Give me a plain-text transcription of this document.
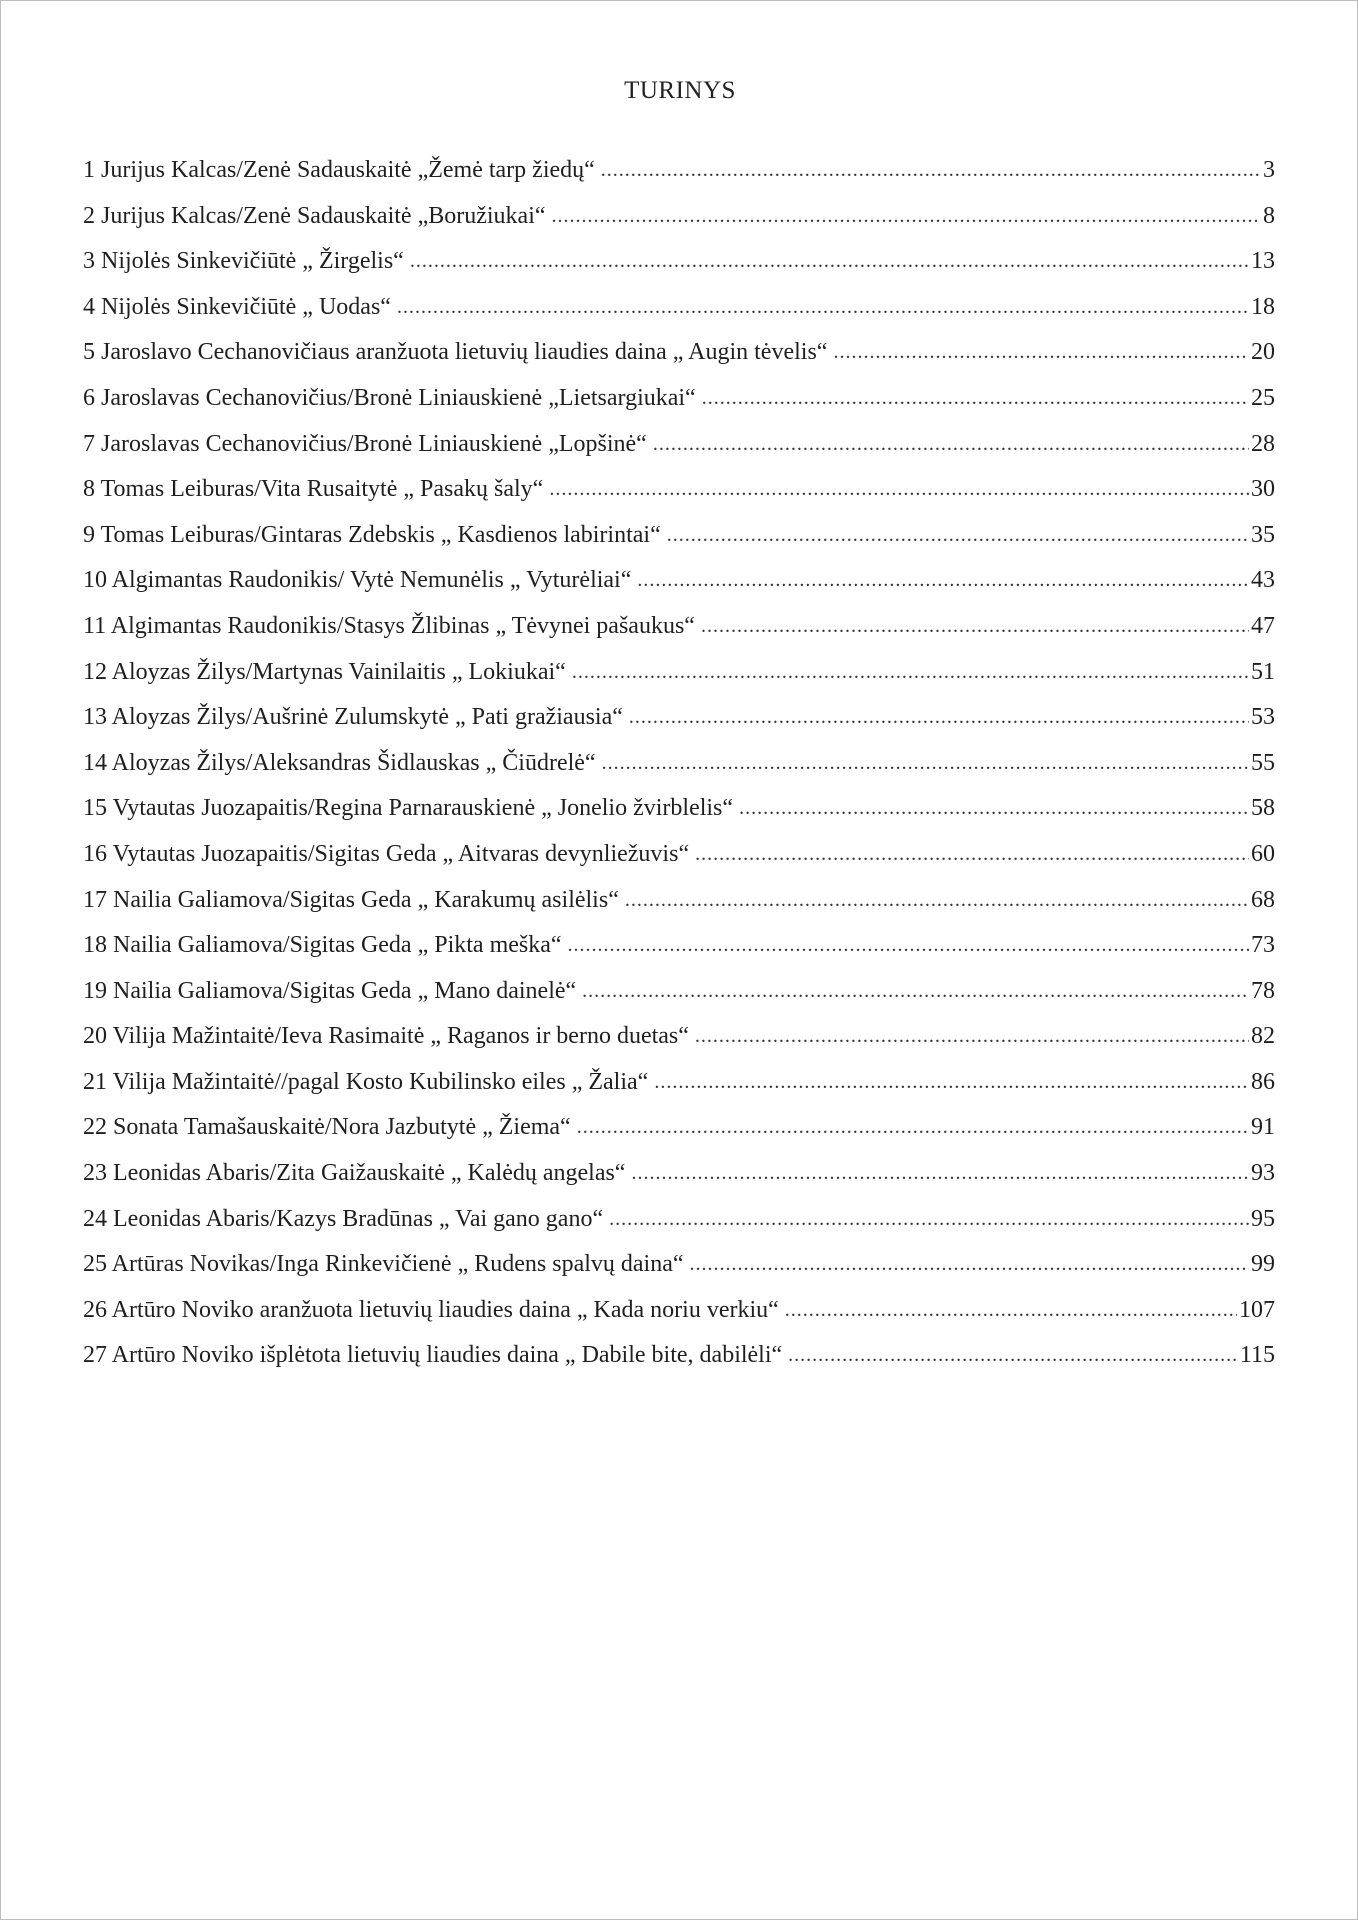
TURINYS
1 Jurijus Kalcas/Zenė Sadauskaitė „Žemė tarp žiedų“ .....	3
2 Jurijus Kalcas/Zenė Sadauskaitė „Boružiukai“ .....	8
3 Nijolės Sinkevičiūtė „ Žirgelis“ .....	13
4 Nijolės Sinkevičiūtė „ Uodas“ .....	18
5 Jaroslavo Cechanovičiaus aranžuota lietuvių liaudies daina „ Augin tėvelis“ .....	20
6 Jaroslavas Cechanovičius/Bronė Liniauskienė „Lietsargiukai“ .....	25
7 Jaroslavas Cechanovičius/Bronė Liniauskienė „Lopšinė“ .....	28
8 Tomas Leiburas/Vita Rusaitytė „ Pasakų šaly“ .....	30
9 Tomas Leiburas/Gintaras Zdebskis „ Kasdienos labirintai“ .....	35
10 Algimantas Raudonikis/ Vytė Nemunėlis „ Vyturėliai“ .....	43
11 Algimantas Raudonikis/Stasys Žlibinas „ Tėvynei pašaukus“ .....	47
12 Aloyzas Žilys/Martynas Vainilaitis „ Lokiukai“ .....	51
13 Aloyzas Žilys/Aušrinė Zulumskytė „ Pati gražiausia“ .....	53
14 Aloyzas Žilys/Aleksandras Šidlauskas „ Čiūdrelė“ .....	55
15 Vytautas Juozapaitis/Regina Parnarauskienė „ Jonelio žvirblelis“ .....	58
16 Vytautas Juozapaitis/Sigitas Geda „ Aitvaras devynliežuvis“ .....	60
17 Nailia Galiamova/Sigitas Geda „ Karakumų asilėlis“ .....	68
18 Nailia Galiamova/Sigitas Geda „ Pikta meška“ .....	73
19 Nailia Galiamova/Sigitas Geda „ Mano dainelė“ .....	78
20 Vilija Mažintaitė/Ieva Rasimaitė „ Raganos ir berno duetas“ .....	82
21 Vilija Mažintaitė//pagal Kosto Kubilinsko eiles „ Žalia“ .....	86
22 Sonata Tamašauskaitė/Nora Jazbutytė „ Žiema“ .....	91
23 Leonidas Abaris/Zita Gaižauskaitė „ Kalėdų angelas“ .....	93
24 Leonidas Abaris/Kazys Bradūnas „ Vai gano gano“ .....	95
25 Artūras Novikas/Inga Rinkevičienė „ Rudens spalvų daina“ .....	99
26 Artūro Noviko aranžuota lietuvių liaudies daina „ Kada noriu verkiu“ .....	107
27 Artūro Noviko išplėtota lietuvių liaudies daina „ Dabile bite, dabilėli“ .....	115
